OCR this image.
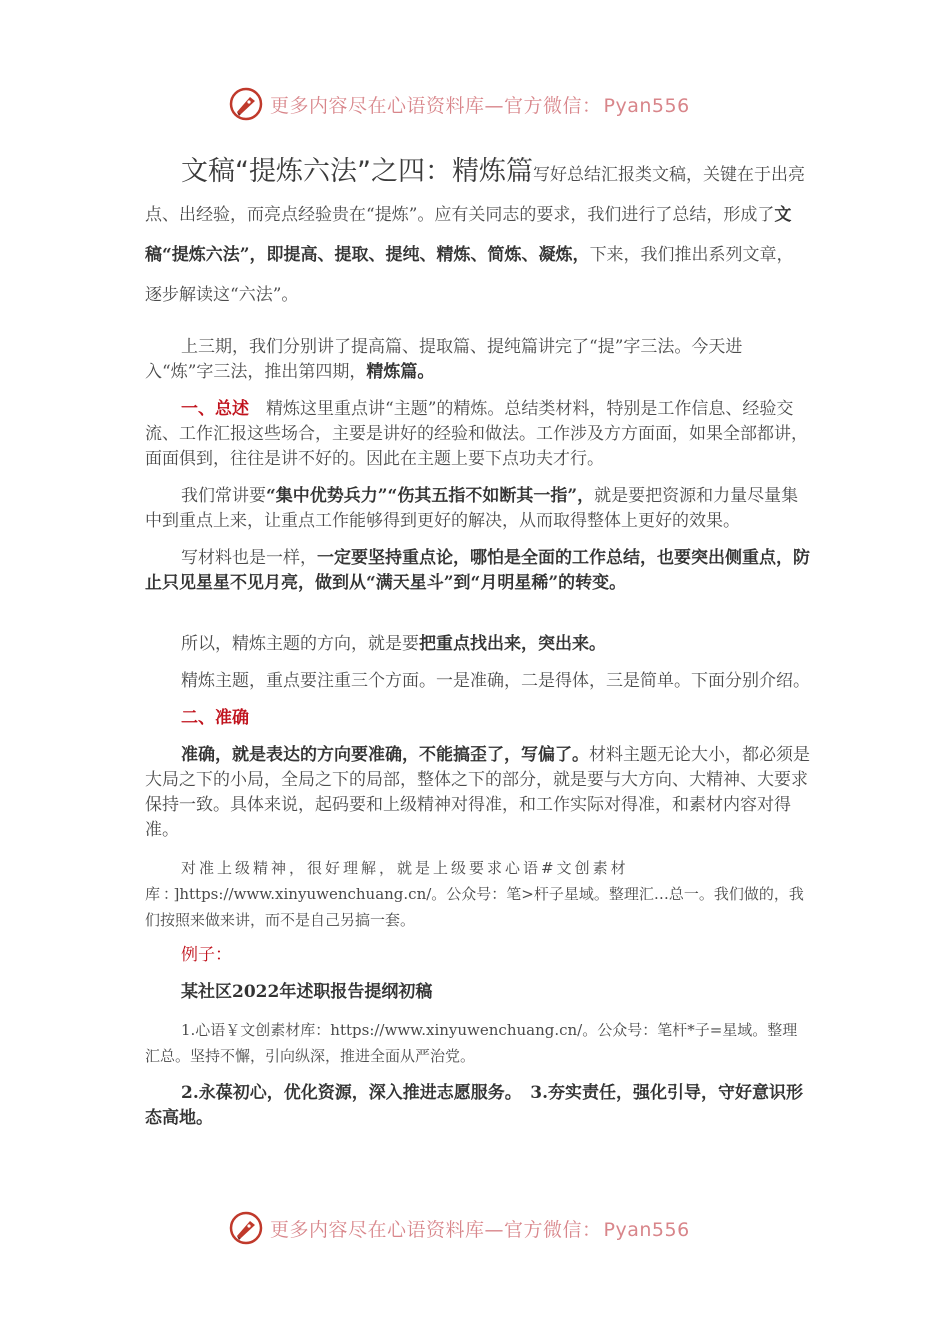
更多内容尽在心语资料库—官方微信： Pyan556

文稿“提炼六法”之四：精炼篇写好总结汇报类文稿，关键在于出亮点、出经验，而亮点经验贵在“提炼”。应有关同志的要求，我们进行了总结，形成了文稿“提炼六法”，即提高、提取、提纯、精炼、简炼、凝炼，下来，我们推出系列文章，逐步解读这“六法”。

上三期，我们分别讲了提高篇、提取篇、提纯篇讲完了“提”字三法。今天进入“炼”字三法，推出第四期，精炼篇。

一、总述　精炼这里重点讲“主题”的精炼。总结类材料，特别是工作信息、经验交流、工作汇报这些场合，主要是讲好的经验和做法。工作涉及方方面面，如果全部都讲，面面俱到，往往是讲不好的。因此在主题上要下点功夫才行。

我们常讲要“集中优势兵力”“伤其五指不如断其一指”，就是要把资源和力量尽量集中到重点上来，让重点工作能够得到更好的解决，从而取得整体上更好的效果。

写材料也是一样，一定要坚持重点论，哪怕是全面的工作总结，也要突出侧重点，防止只见星星不见月亮，做到从“满天星斗”到“月明星稀”的转变。

所以，精炼主题的方向，就是要把重点找出来，突出来。

精炼主题，重点要注重三个方面。一是准确，二是得体，三是简单。下面分别介绍。

二、准确

准确，就是表达的方向要准确，不能搞歪了，写偏了。材料主题无论大小，都必须是大局之下的小局，全局之下的局部，整体之下的部分，就是要与大方向、大精神、大要求保持一致。具体来说，起码要和上级精神对得准，和工作实际对得准，和素材内容对得准。

对准上级精神，很好理解，就是上级要求心语#文创素材库：]https://www.xinyuwenchuang.cn/。公众号：笔>杆子星域。整理汇…总一。我们做的，我们按照来做来讲，而不是自己另搞一套。

例子：

某社区2022年述职报告提纲初稿

1.心语￥文创素材库：https://www.xinyuwenchuang.cn/。公众号：笔杆*子=星域。整理汇总。坚持不懈，引向纵深，推进全面从严治党。

2.永葆初心，优化资源，深入推进志愿服务。　3.夯实责任，强化引导，守好意识形态高地。

更多内容尽在心语资料库—官方微信： Pyan556
